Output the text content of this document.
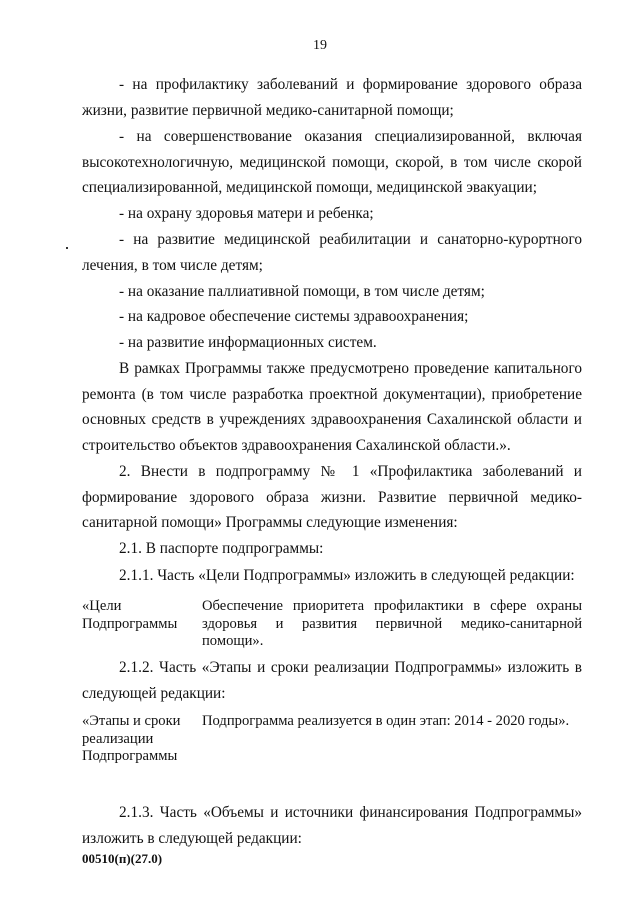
19

- на профилактику заболеваний и формирование здорового образа жизни, развитие первичной медико-санитарной помощи;

- на совершенствование оказания специализированной, включая высокотехнологичную, медицинской помощи, скорой, в том числе скорой специализированной, медицинской помощи, медицинской эвакуации;

- на охрану здоровья матери и ребенка;

- на развитие медицинской реабилитации и санаторно-курортного лечения, в том числе детям;

- на оказание паллиативной помощи, в том числе детям;

- на кадровое обеспечение системы здравоохранения;

- на развитие информационных систем.

В рамках Программы также предусмотрено проведение капитального ремонта (в том числе разработка проектной документации), приобретение основных средств в учреждениях здравоохранения Сахалинской области и строительство объектов здравоохранения Сахалинской области.».

2. Внести в подпрограмму № 1 «Профилактика заболеваний и формирование здорового образа жизни. Развитие первичной медико-санитарной помощи» Программы следующие изменения:

2.1. В паспорте подпрограммы:

2.1.1. Часть «Цели Подпрограммы» изложить в следующей редакции:

«Цели Подпрограммы
Обеспечение приоритета профилактики в сфере охраны здоровья и развития первичной медико-санитарной помощи».

2.1.2. Часть «Этапы и сроки реализации Подпрограммы» изложить в следующей редакции:

«Этапы и сроки реализации Подпрограммы
Подпрограмма реализуется в один этап: 2014 - 2020 годы».

2.1.3. Часть «Объемы и источники финансирования Подпрограммы» изложить в следующей редакции:

00510(п)(27.0)
